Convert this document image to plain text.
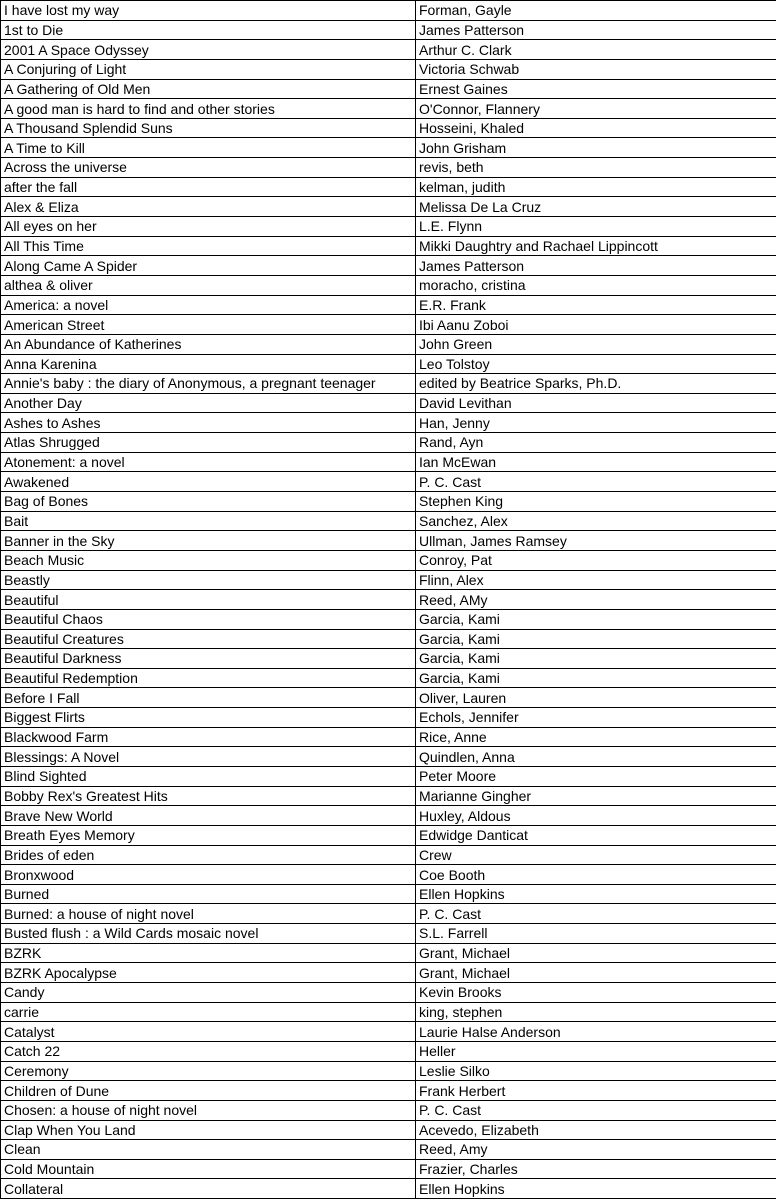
I have lost my way	Forman, Gayle
1st to Die	James Patterson
2001 A Space Odyssey	Arthur C. Clark
A Conjuring of Light	Victoria Schwab
A Gathering of Old Men	Ernest Gaines
A good man is hard to find and other stories	O'Connor, Flannery
A Thousand Splendid Suns	Hosseini, Khaled
A Time to Kill	John Grisham
Across the universe	revis, beth
after the fall	kelman, judith
Alex & Eliza	Melissa De La Cruz
All eyes on her	L.E. Flynn
All This Time	Mikki Daughtry and Rachael Lippincott
Along Came A Spider	James Patterson
althea & oliver	moracho, cristina
America: a novel	E.R. Frank
American Street	Ibi Aanu Zoboi
An Abundance of Katherines	John Green
Anna Karenina	Leo Tolstoy
Annie's baby : the diary of Anonymous, a pregnant teenager	edited by Beatrice Sparks, Ph.D.
Another Day	David Levithan
Ashes to Ashes	Han, Jenny
Atlas Shrugged	Rand, Ayn
Atonement: a novel	Ian McEwan
Awakened	P. C. Cast
Bag of Bones	Stephen King
Bait	Sanchez, Alex
Banner in the Sky	Ullman, James Ramsey
Beach Music	Conroy, Pat
Beastly	Flinn, Alex
Beautiful	Reed, AMy
Beautiful Chaos	Garcia, Kami
Beautiful Creatures	Garcia, Kami
Beautiful Darkness	Garcia, Kami
Beautiful Redemption	Garcia, Kami
Before I Fall	Oliver, Lauren
Biggest Flirts	Echols, Jennifer
Blackwood Farm	Rice, Anne
Blessings: A Novel	Quindlen, Anna
Blind Sighted	Peter Moore
Bobby Rex's Greatest Hits	Marianne Gingher
Brave New World	Huxley, Aldous
Breath Eyes Memory	Edwidge Danticat
Brides of eden	Crew
Bronxwood	Coe Booth
Burned	Ellen Hopkins
Burned: a house of night novel	P. C. Cast
Busted flush : a Wild Cards mosaic novel	S.L. Farrell
BZRK	Grant, Michael
BZRK Apocalypse	Grant, Michael
Candy	Kevin Brooks
carrie	king, stephen
Catalyst	Laurie Halse Anderson
Catch 22	Heller
Ceremony	Leslie Silko
Children of Dune	Frank Herbert
Chosen: a house of night novel	P. C. Cast
Clap When You Land	Acevedo, Elizabeth
Clean	Reed, Amy
Cold Mountain	Frazier, Charles
Collateral	Ellen Hopkins
